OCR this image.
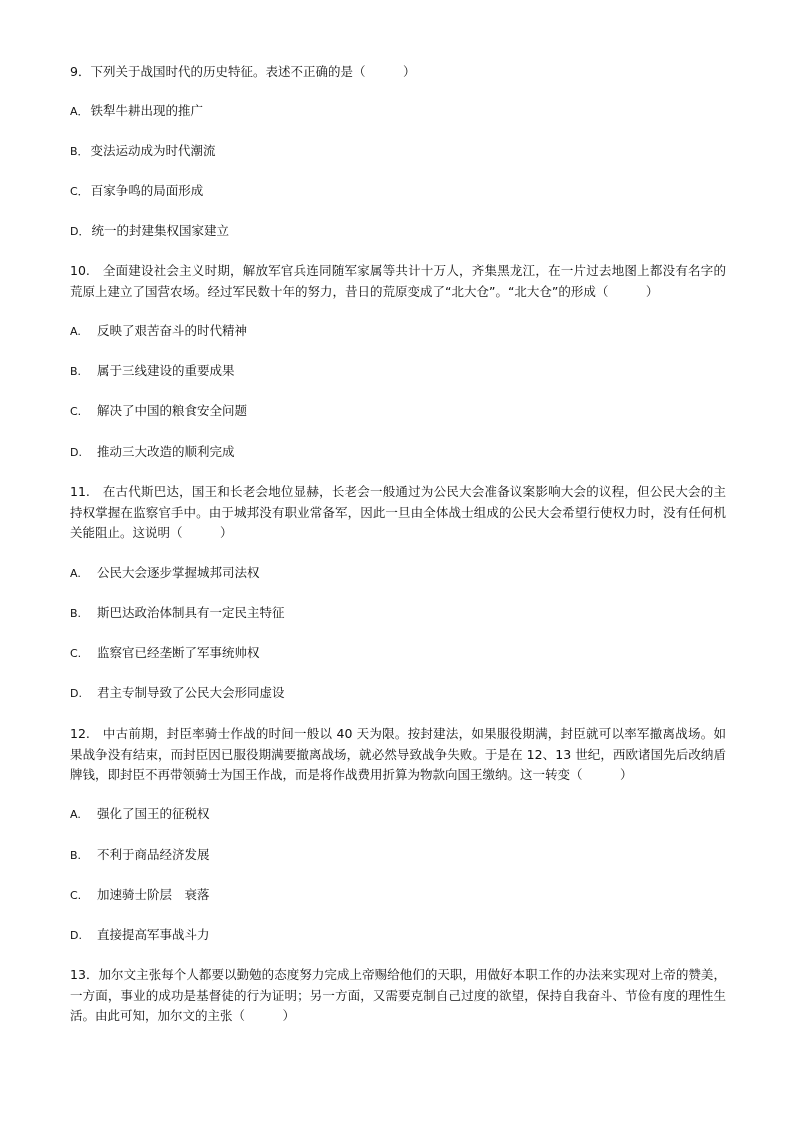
9．下列关于战国时代的历史特征。表述不正确的是（　　　）
A． 铁犁牛耕出现的推广
B． 变法运动成为时代潮流
C． 百家争鸣的局面形成
D． 统一的封建集权国家建立
10.　全面建设社会主义时期，解放军官兵连同随军家属等共计十万人，齐集黑龙江，在一片过去地图上都没有名字的荒原上建立了国营农场。经过军民数十年的努力，昔日的荒原变成了“北大仓”。“北大仓”的形成（　　　）
A. 反映了艰苦奋斗的时代精神
B. 属于三线建设的重要成果
C. 解决了中国的粮食安全问题
D. 推动三大改造的顺利完成
11.　在古代斯巴达，国王和长老会地位显赫，长老会一般通过为公民大会准备议案影响大会的议程，但公民大会的主持权掌握在监察官手中。由于城邦没有职业常备军，因此一旦由全体战士组成的公民大会希望行使权力时，没有任何机关能阻止。这说明（　　　）
A. 公民大会逐步掌握城邦司法权
B. 斯巴达政治体制具有一定民主特征
C. 监察官已经垄断了军事统帅权
D. 君主专制导致了公民大会形同虚设
12.　中古前期，封臣率骑士作战的时间一般以 40 天为限。按封建法，如果服役期满，封臣就可以率军撤离战场。如果战争没有结束，而封臣因已服役期满要撤离战场，就必然导致战争失败。于是在 12、13 世纪，西欧诸国先后改纳盾牌钱，即封臣不再带领骑士为国王作战，而是将作战费用折算为物款向国王缴纳。这一转变（　　　）
A. 强化了国王的征税权
B. 不利于商品经济发展
C. 加速骑士阶层　衰落
D. 直接提高军事战斗力
13．加尔文主张每个人都要以勤勉的态度努力完成上帝赐给他们的天职，用做好本职工作的办法来实现对上帝的赞美，一方面，事业的成功是基督徒的行为证明；另一方面，又需要克制自己过度的欲望，保持自我奋斗、节俭有度的理性生活。由此可知，加尔文的主张（　　　）
